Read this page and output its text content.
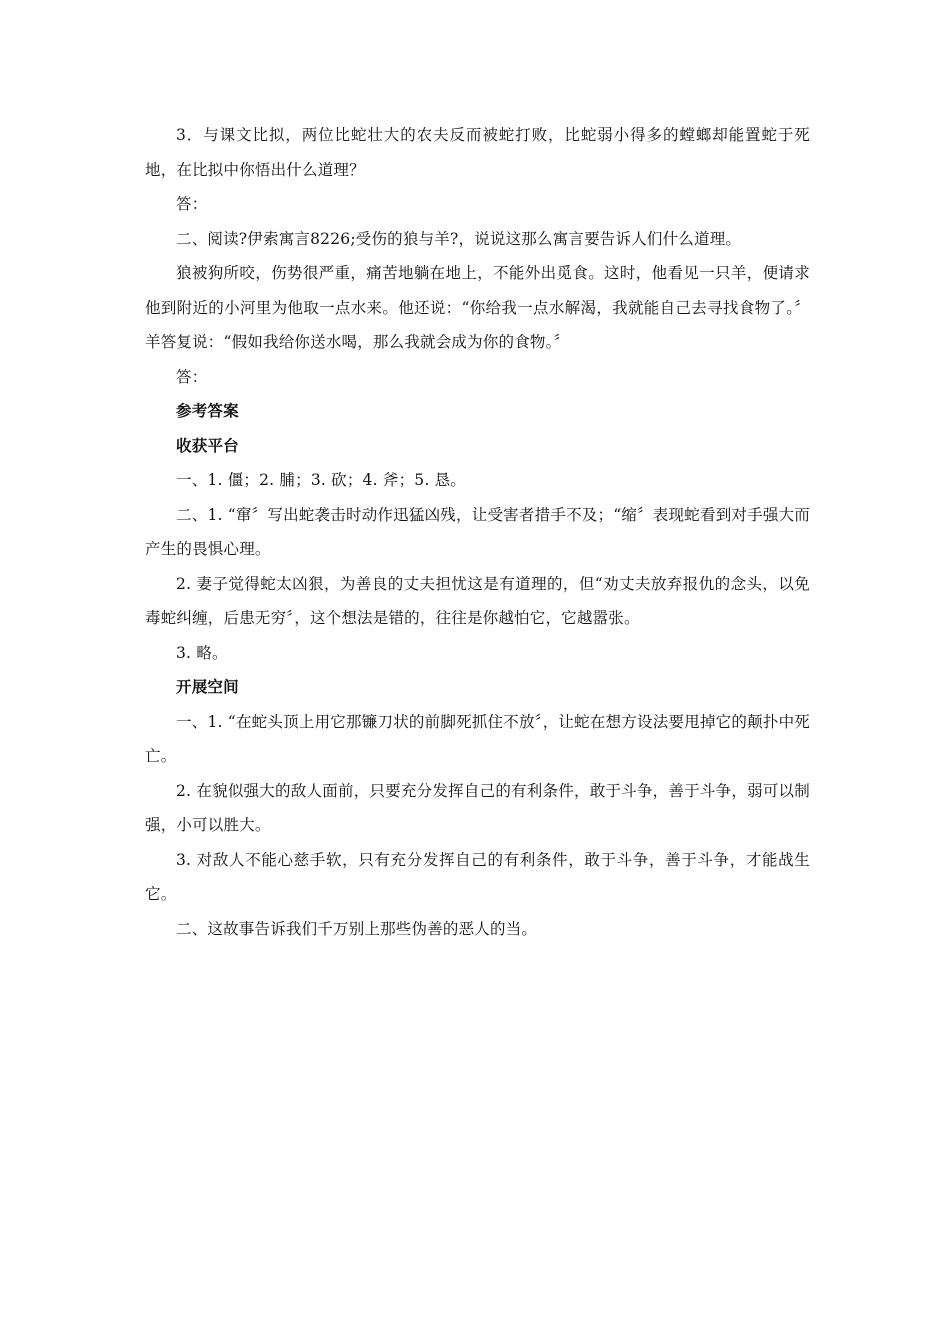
3．与课文比拟，两位比蛇壮大的农夫反而被蛇打败，比蛇弱小得多的螳螂却能置蛇于死地，在比拟中你悟出什么道理？

答：

二、阅读?伊索寓言8226;受伤的狼与羊?，说说这那么寓言要告诉人们什么道理。

狼被狗所咬，伤势很严重，痛苦地躺在地上，不能外出觅食。这时，他看见一只羊，便请求他到附近的小河里为他取一点水来。他还说：“你给我一点水解渴，我就能自己去寻找食物了。〞羊答复说：“假如我给你送水喝，那么我就会成为你的食物。〞

答：

参考答案

收获平台

一、1. 僵；2. 脯；3. 砍；4. 斧；5. 恳。

二、1. “窜〞写出蛇袭击时动作迅猛凶残，让受害者措手不及；“缩〞表现蛇看到对手强大而产生的畏惧心理。

2. 妻子觉得蛇太凶狠，为善良的丈夫担忧这是有道理的，但“劝丈夫放弃报仇的念头，以免毒蛇纠缠，后患无穷〞，这个想法是错的，往往是你越怕它，它越嚣张。

3. 略。

开展空间

一、1. “在蛇头顶上用它那镰刀状的前脚死抓住不放〞，让蛇在想方设法要甩掉它的颠扑中死亡。

2. 在貌似强大的敌人面前，只要充分发挥自己的有利条件，敢于斗争，善于斗争，弱可以制强，小可以胜大。

3. 对敌人不能心慈手软，只有充分发挥自己的有利条件，敢于斗争，善于斗争，才能战生它。

二、这故事告诉我们千万别上那些伪善的恶人的当。
